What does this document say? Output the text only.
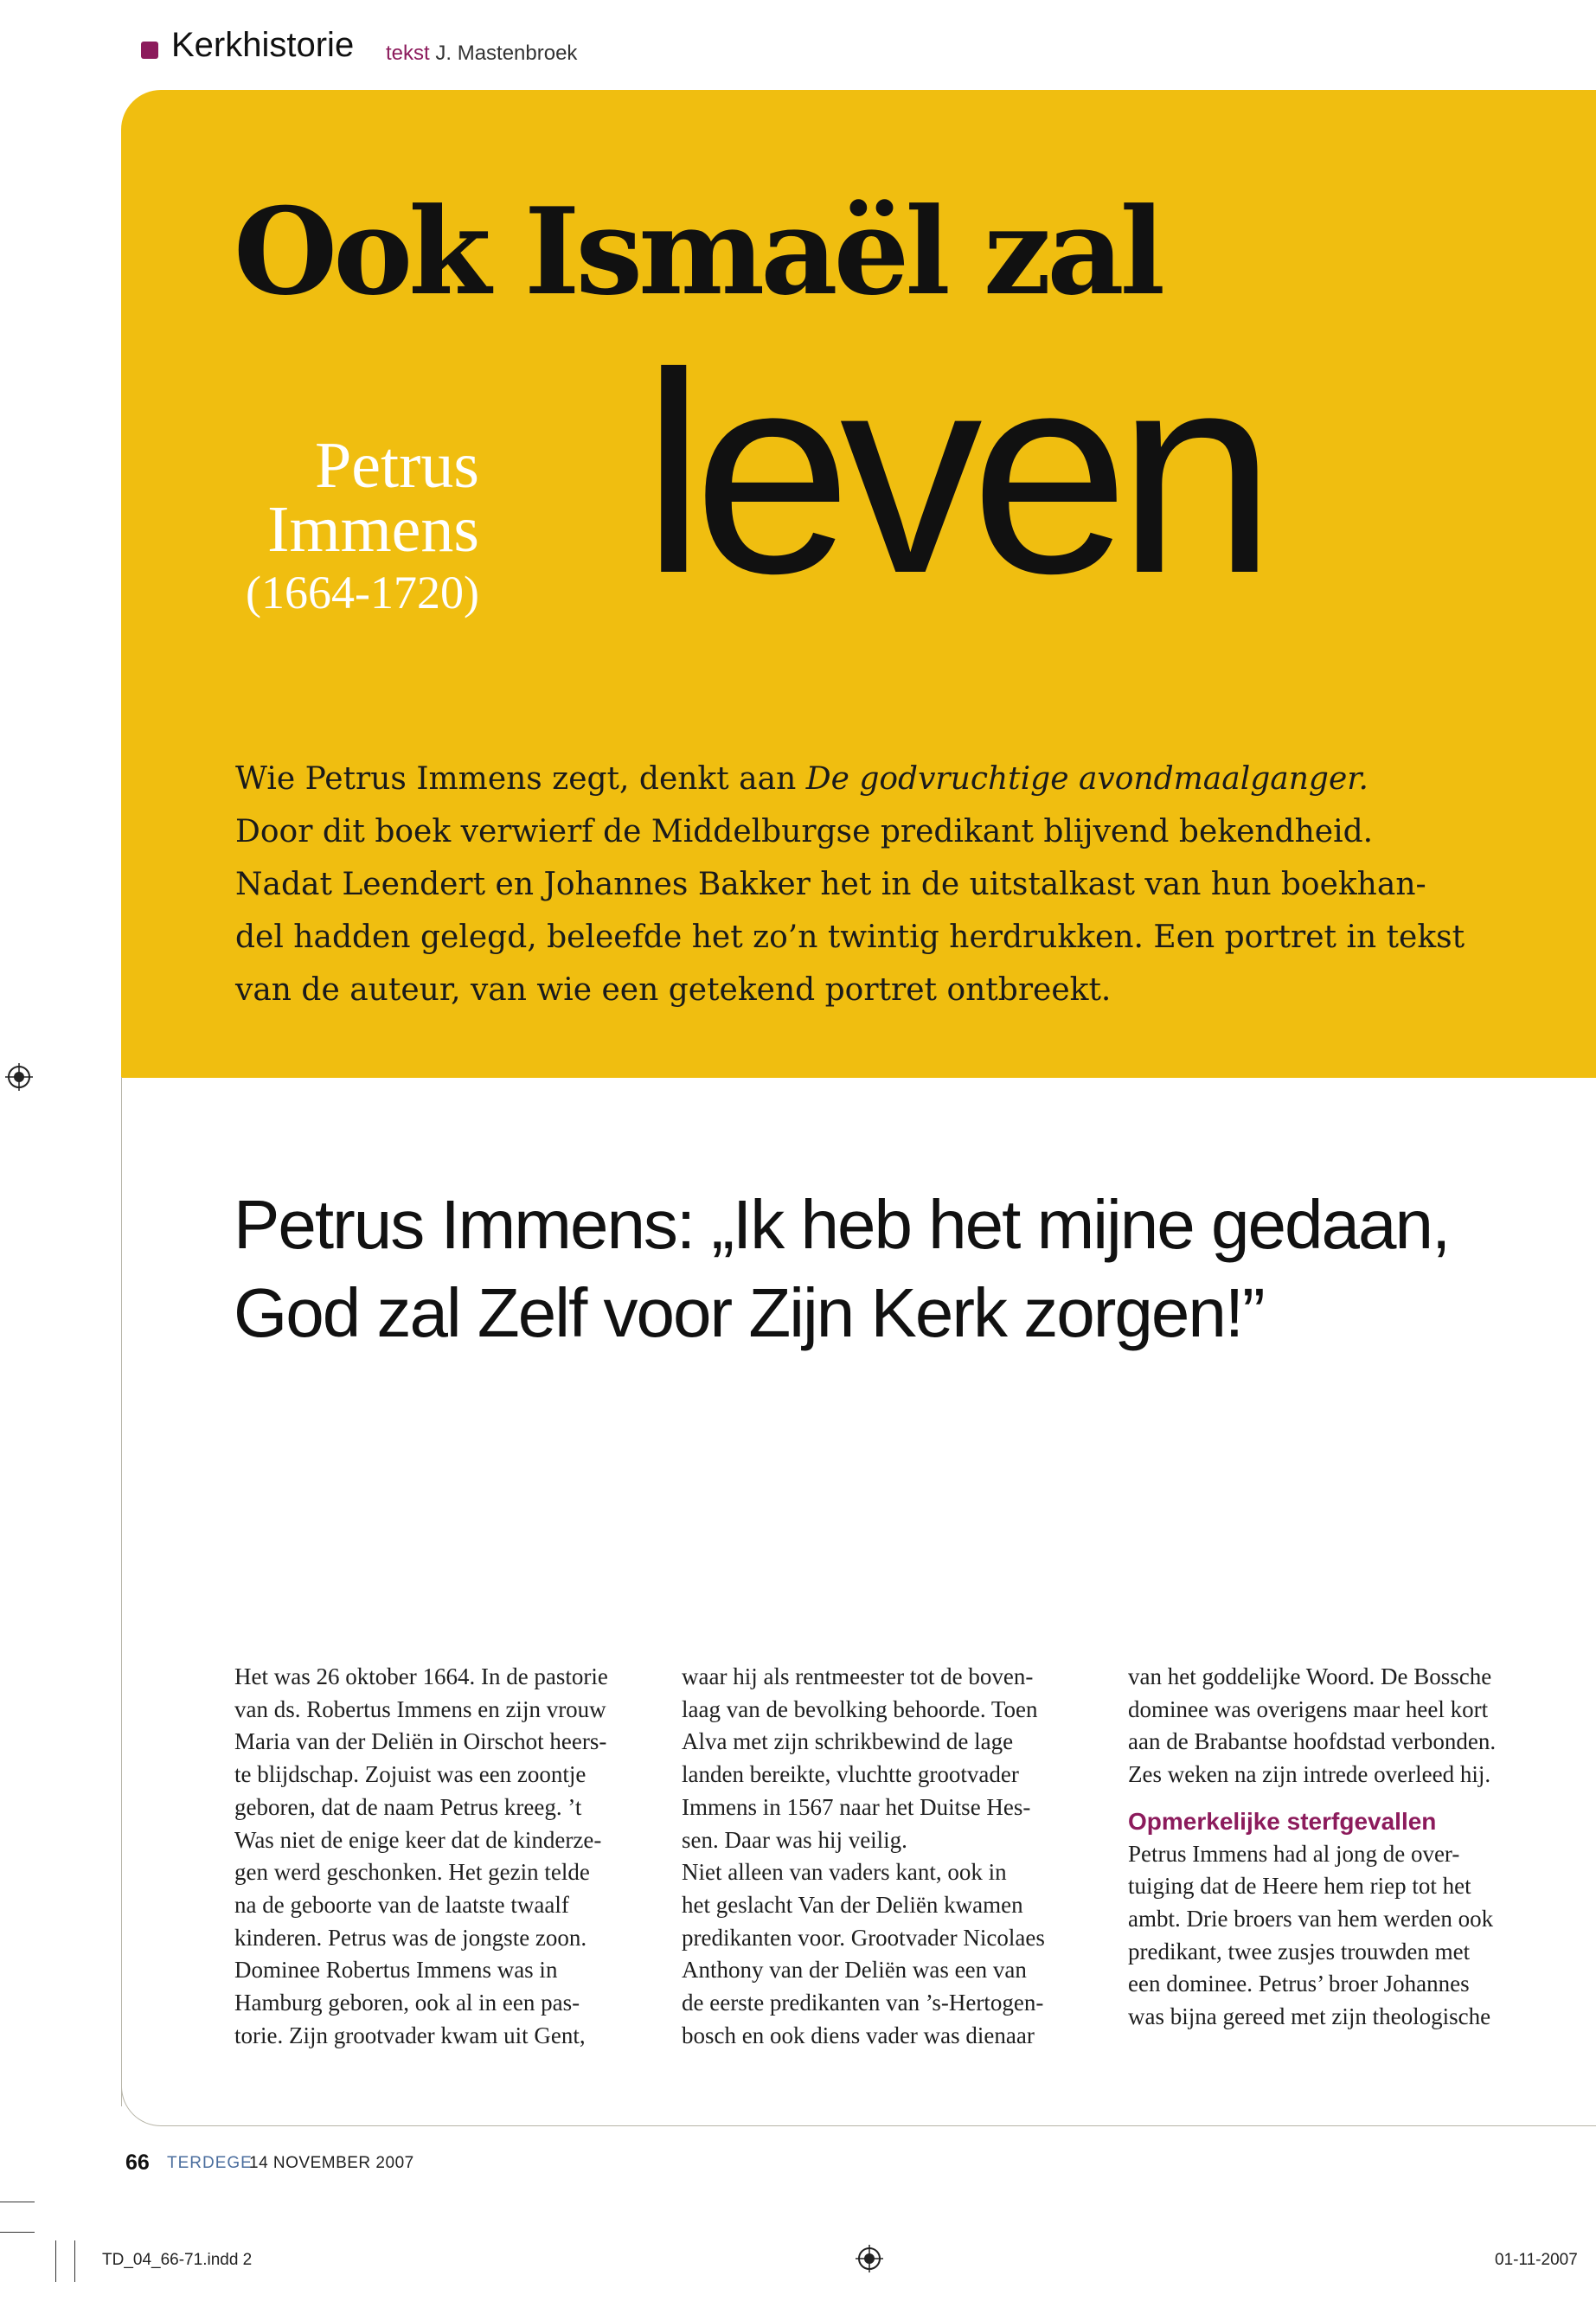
Kerkhistorie tekst J. Mastenbroek
Ook Ismaël zal
leven
Petrus
Immens
(1664-1720)
Wie Petrus Immens zegt, denkt aan De godvruchtige avondmaalganger.
Door dit boek verwierf de Middelburgse predikant blijvend bekendheid.
Nadat Leendert en Johannes Bakker het in de uitstalkast van hun boekhan-
del hadden gelegd, beleefde het zo’n twintig herdrukken. Een portret in tekst
van de auteur, van wie een getekend portret ontbreekt.
Petrus Immens: „Ik heb het mijne gedaan,
God zal Zelf voor Zijn Kerk zorgen!”
Het was 26 oktober 1664. In de pastorie
van ds. Robertus Immens en zijn vrouw
Maria van der Deliën in Oirschot heers-
te blijdschap. Zojuist was een zoontje
geboren, dat de naam Petrus kreeg. ’t
Was niet de enige keer dat de kinderze-
gen werd geschonken. Het gezin telde
na de geboorte van de laatste twaalf
kinderen. Petrus was de jongste zoon.
Dominee Robertus Immens was in
Hamburg geboren, ook al in een pas-
torie. Zijn grootvader kwam uit Gent,
waar hij als rentmeester tot de boven-
laag van de bevolking behoorde. Toen
Alva met zijn schrikbewind de lage
landen bereikte, vluchtte grootvader
Immens in 1567 naar het Duitse Hes-
sen. Daar was hij veilig.
Niet alleen van vaders kant, ook in
het geslacht Van der Deliën kwamen
predikanten voor. Grootvader Nicolaes
Anthony van der Deliën was een van
de eerste predikanten van ’s-Hertogen-
bosch en ook diens vader was dienaar
van het goddelijke Woord. De Bossche
dominee was overigens maar heel kort
aan de Brabantse hoofdstad verbonden.
Zes weken na zijn intrede overleed hij.
Opmerkelijke sterfgevallen
Petrus Immens had al jong de over-
tuiging dat de Heere hem riep tot het
ambt. Drie broers van hem werden ook
predikant, twee zusjes trouwden met
een dominee. Petrus’ broer Johannes
was bijna gereed met zijn theologische
66 TERDEGE
14 NOVEMBER 2007
TD_04_66-71.indd 2	01-11-2007
